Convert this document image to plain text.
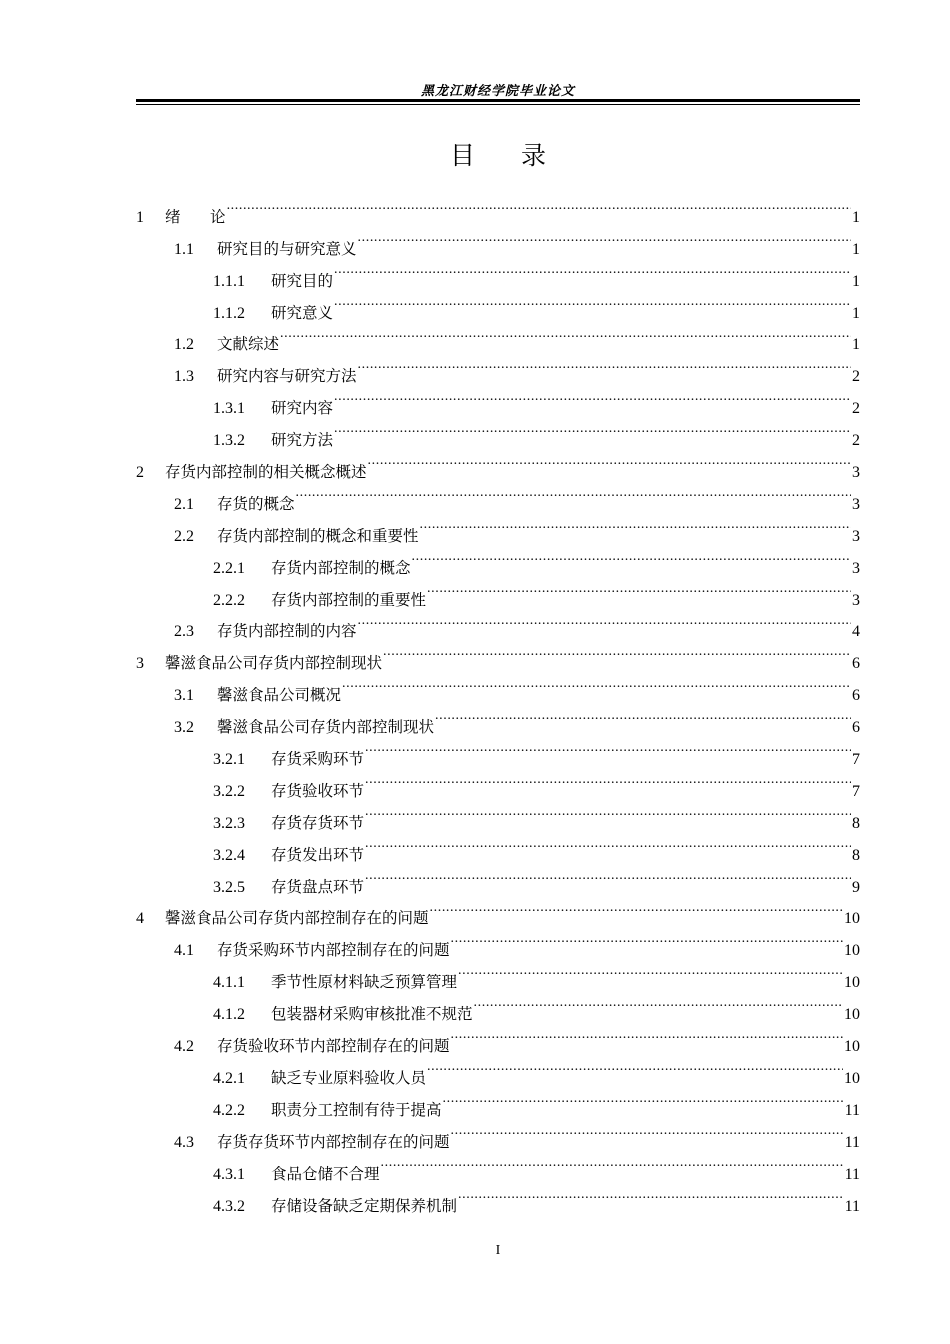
黑龙江财经学院毕业论文
目录
1	绪      论 .....	1
1.1	研究目的与研究意义 .....	1
1.1.1	研究目的 .....	1
1.1.2	研究意义 .....	1
1.2	文献综述 .....	1
1.3	研究内容与研究方法 .....	2
1.3.1	研究内容 .....	2
1.3.2	研究方法 .....	2
2	存货内部控制的相关概念概述 .....	3
2.1	存货的概念 .....	3
2.2	存货内部控制的概念和重要性 .....	3
2.2.1	存货内部控制的概念 .....	3
2.2.2	存货内部控制的重要性 .....	3
2.3	存货内部控制的内容 .....	4
3	馨滋食品公司存货内部控制现状 .....	6
3.1	馨滋食品公司概况 .....	6
3.2	馨滋食品公司存货内部控制现状 .....	6
3.2.1	存货采购环节 .....	7
3.2.2	存货验收环节 .....	7
3.2.3	存货存货环节 .....	8
3.2.4	存货发出环节 .....	8
3.2.5	存货盘点环节 .....	9
4	馨滋食品公司存货内部控制存在的问题 .....	10
4.1	存货采购环节内部控制存在的问题 .....	10
4.1.1	季节性原材料缺乏预算管理 .....	10
4.1.2	包装器材采购审核批准不规范 .....	10
4.2	存货验收环节内部控制存在的问题 .....	10
4.2.1	缺乏专业原料验收人员 .....	10
4.2.2	职责分工控制有待于提高 .....	11
4.3	存货存货环节内部控制存在的问题 .....	11
4.3.1	食品仓储不合理 .....	11
4.3.2	存储设备缺乏定期保养机制 .....	11
I
